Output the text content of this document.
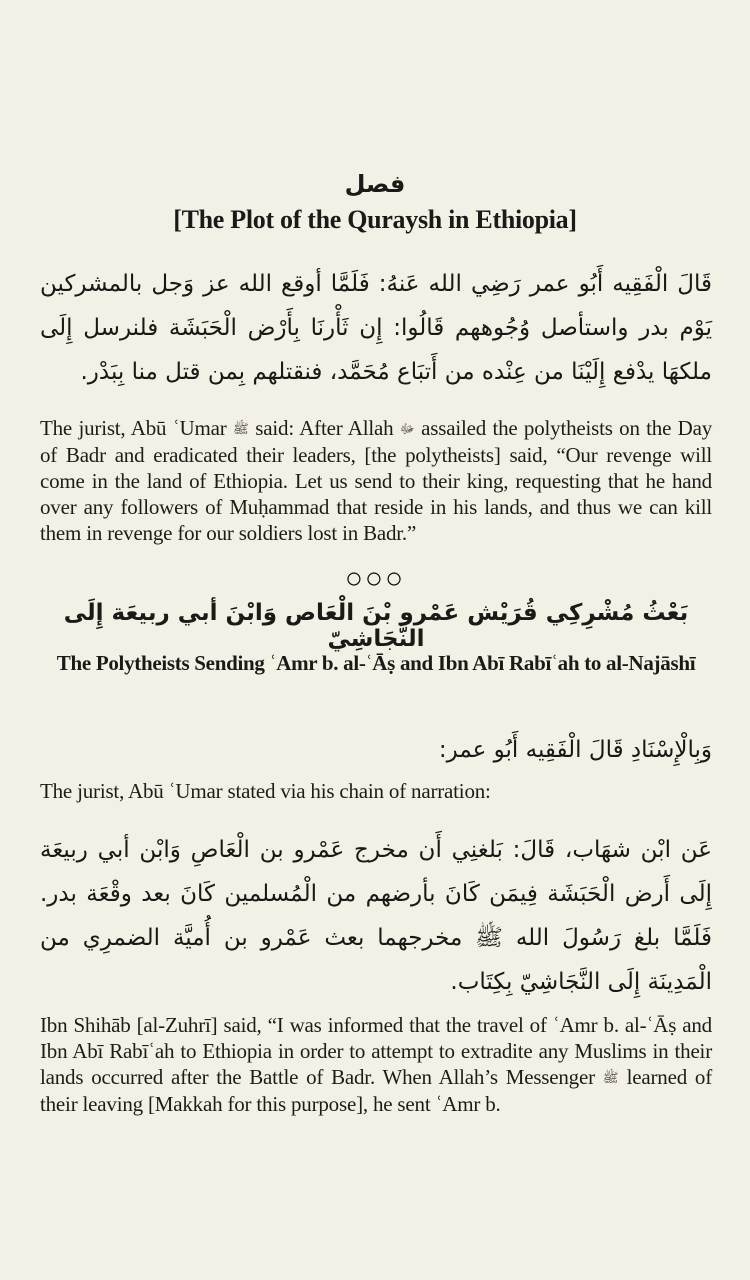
فصل
[The Plot of the Quraysh in Ethiopia]
قَالَ الْفَقِيه أَبُو عمر رَضِي الله عَنهُ: فَلَمَّا أوقع الله عز وَجل بالمشركين يَوْم بدر واستأصل وُجُوههم قَالُوا: إِن ثَأْرنَا بِأَرْض الْحَبَشَة فلنرسل إِلَى ملكهَا يدْفع إِلَيْنَا من عِنْده من أَتبَاع مُحَمَّد، فنقتلهم بِمن قتل منا بِبَدْر.
The jurist, Abū ʿUmar ﷺ said: After Allah ﷻ assailed the polytheists on the Day of Badr and eradicated their leaders, [the polytheists] said, “Our revenge will come in the land of Ethiopia. Let us send to their king, requesting that he hand over any followers of Muḥammad that reside in his lands, and thus we can kill them in revenge for our soldiers lost in Badr.”
○○○
بَعْثُ مُشْرِكِي قُرَيْش عَمْرو بْنَ الْعَاص وَابْنَ أبي ربيعَة إِلَى النَّجَاشِيّ
The Polytheists Sending ʿAmr b. al-ʿĀṣ and Ibn Abī Rabīʿah to al-Najāshī
وَبِالْإِسْنَادِ قَالَ الْفَقِيه أَبُو عمر:
The jurist, Abū ʿUmar stated via his chain of narration:
عَن ابْن شهَاب، قَالَ: بَلغنِي أَن مخرج عَمْرو بن الْعَاصِ وَابْن أبي ربيعَة إِلَى أَرض الْحَبَشَة فِيمَن كَانَ بأرضهم من الْمُسلمين كَانَ بعد وقْعَة بدر. فَلَمَّا بلغ رَسُولَ الله ﷺ مخرجهما بعث عَمْرو بن أُميَّة الضمرِي من الْمَدِينَة إِلَى النَّجَاشِيّ بِكِتَاب.
Ibn Shihāb [al-Zuhrī] said, “I was informed that the travel of ʿAmr b. al-ʿĀṣ and Ibn Abī Rabīʿah to Ethiopia in order to attempt to extradite any Muslims in their lands occurred after the Battle of Badr. When Allah’s Messenger ﷺ learned of their leaving [Makkah for this purpose], he sent ʿAmr b.
